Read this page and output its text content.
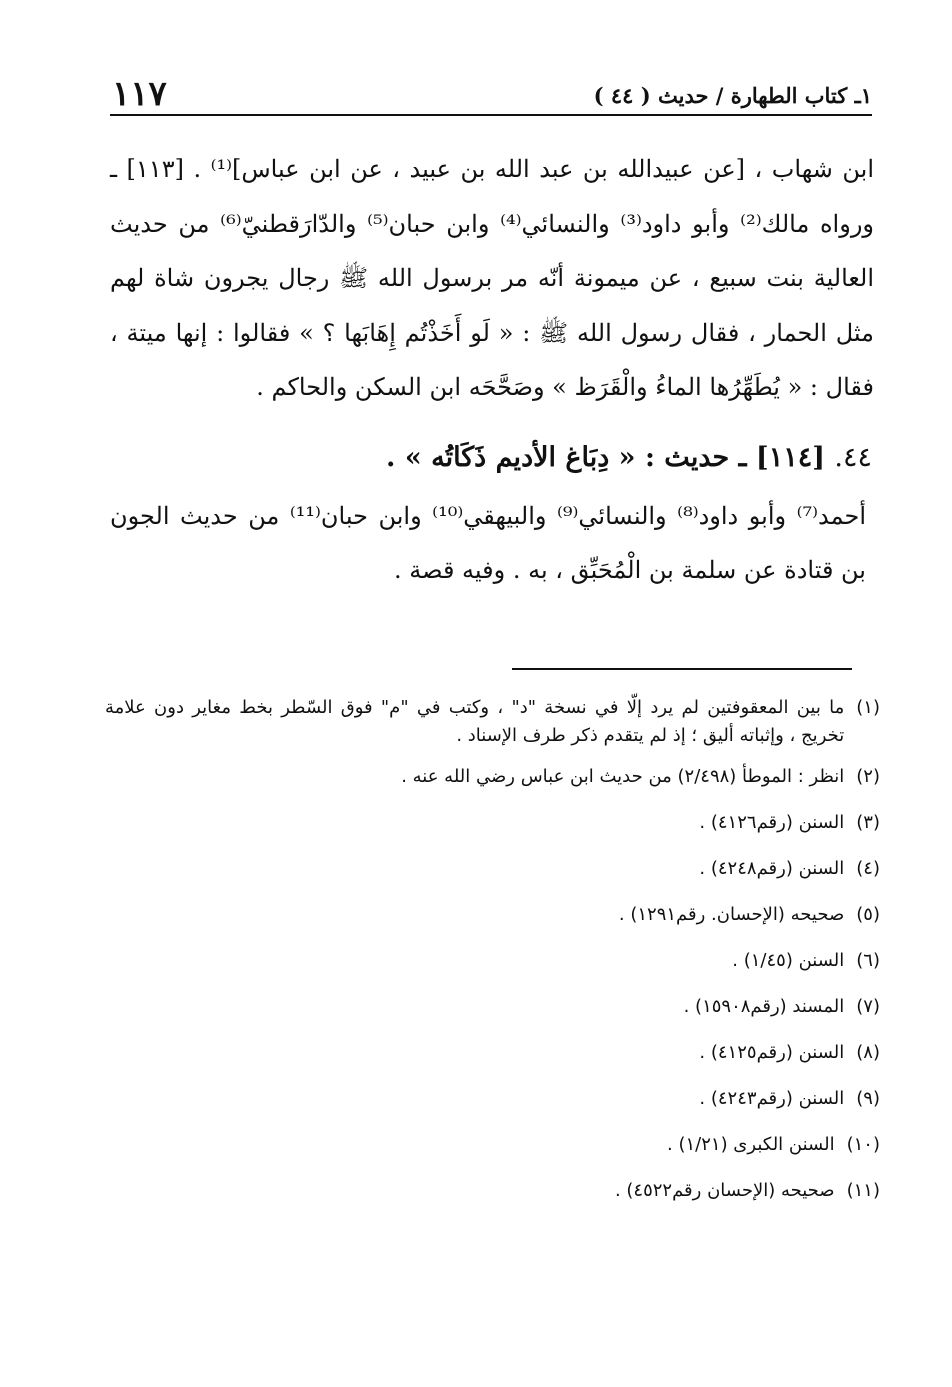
١١٧	١ـ كتاب الطهارة / حديث ( ٤٤ )

ابن شهاب ، [عن عبيدالله بن عبد الله بن عبيد ، عن ابن عباس]⁽¹⁾ . [١١٣] ـ ورواه مالك⁽²⁾ وأبو داود⁽³⁾ والنسائي⁽⁴⁾ وابن حبان⁽⁵⁾ والدّارَقطنيّ⁽⁶⁾ من حديث العالية بنت سبيع ، عن ميمونة أنّه مر برسول الله ﷺ رجال يجرون شاة لهم مثل الحمار ، فقال رسول الله ﷺ : « لَو أَخَذْتُم إِهَابَها ؟ » فقالوا : إنها ميتة ، فقال : « يُطَهِّرُها الماءُ والْقَرَظ » وصَحَّحَه ابن السكن والحاكم .

٤٤. [١١٤] ـ حديث : « دِبَاغ الأديم ذَكَاتُه » .

أحمد⁽⁷⁾ وأبو داود⁽⁸⁾ والنسائي⁽⁹⁾ والبيهقي⁽¹⁰⁾ وابن حبان⁽¹¹⁾ من حديث الجون بن قتادة عن سلمة بن الْمُحَبِّق ، به . وفيه قصة .

(١)
ما بين المعقوفتين لم يرد إلّا في نسخة "د" ، وكتب في "م" فوق السّطر بخط مغاير دون علامة تخريج ، وإثباته أليق ؛ إذ لم يتقدم ذكر طرف الإسناد .
(٢)
انظر : الموطأ (٢/٤٩٨) من حديث ابن عباس رضي الله عنه .
(٣)
السنن (رقم٤١٢٦) .
(٤)
السنن (رقم٤٢٤٨) .
(٥)
صحيحه (الإحسان. رقم١٢٩١) .
(٦)
السنن (١/٤٥) .
(٧)
المسند (رقم١٥٩٠٨) .
(٨)
السنن (رقم٤١٢٥) .
(٩)
السنن (رقم٤٢٤٣) .
(١٠)
السنن الكبرى (١/٢١) .
(١١)
صحيحه (الإحسان رقم٤٥٢٢) .
